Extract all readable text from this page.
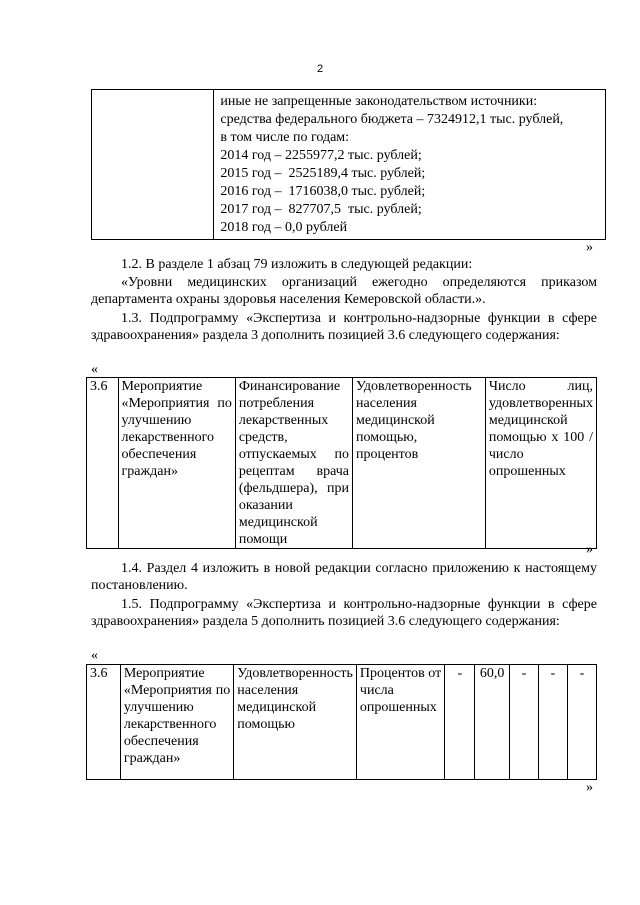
2

иные не запрещенные законодательством источники:
средства федерального бюджета – 7324912,1 тыс. рублей,
в том числе по годам:
2014 год – 2255977,2 тыс. рублей;
2015 год –  2525189,4 тыс. рублей;
2016 год –  1716038,0 тыс. рублей;
2017 год –  827707,5  тыс. рублей;
2018 год – 0,0 рублей
»
1.2. В разделе 1 абзац 79 изложить в следующей редакции:
«Уровни медицинских организаций ежегодно определяются приказом департамента охраны здоровья населения Кемеровской области.».
1.3. Подпрограмму «Экспертиза и контрольно-надзорные функции в сфере здравоохранения» раздела 3 дополнить позицией 3.6 следующего содержания:
«
3.6	Мероприятие «Мероприятия по улучшению лекарственного обеспечения граждан»	Финансирование потребления лекарственных средств, отпускаемых по рецептам врача (фельдшера), при оказании медицинской помощи	Удовлетворенность населения медицинской помощью, процентов	Число лиц, удовлетворенных медицинской помощью х 100 / число опрошенных
»
1.4. Раздел 4 изложить в новой редакции согласно приложению к настоящему постановлению.
1.5. Подпрограмму «Экспертиза и контрольно-надзорные функции в сфере здравоохранения» раздела 5 дополнить позицией 3.6 следующего содержания:
«
3.6	Мероприятие «Мероприятия по улучшению лекарственного обеспечения граждан»	Удовлетворенность населения медицинской помощью	Процентов от числа опрошенных	-	60,0	-	-	-
»
